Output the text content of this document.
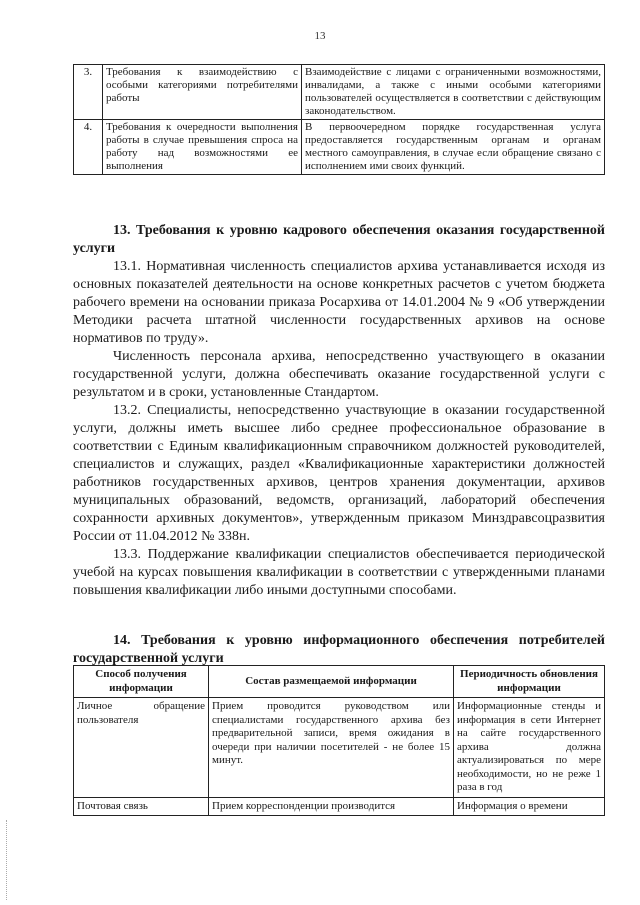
13
3.	Требования к взаимодействию с особыми категориями потребителями работы	Взаимодействие с лицами с ограниченными возможностями, инвалидами, а также с иными особыми категориями пользователей осуществляется в соответствии с действующим законодательством.
4.	Требования к очередности выполнения работы в случае превышения спроса на работу над возможностями ее выполнения	В первоочередном порядке государственная услуга предоставляется государственным органам и органам местного самоуправления, в случае если обращение связано с исполнением ими своих функций.
13. Требования к уровню кадрового обеспечения оказания государственной услуги

13.1. Нормативная численность специалистов архива устанавливается исходя из основных показателей деятельности на основе конкретных расчетов с учетом бюджета рабочего времени на основании приказа Росархива от 14.01.2004 № 9 «Об утверждении Методики расчета штатной численности государственных архивов на основе нормативов по труду».

Численность персонала архива, непосредственно участвующего в оказании государственной услуги, должна обеспечивать оказание государственной услуги с результатом и в сроки, установленные Стандартом.

13.2. Специалисты, непосредственно участвующие в оказании государственной услуги, должны иметь высшее либо среднее профессиональное образование в соответствии с Единым квалификационным справочником должностей руководителей, специалистов и служащих, раздел «Квалификационные характеристики должностей работников государственных архивов, центров хранения документации, архивов муниципальных образований, ведомств, организаций, лабораторий обеспечения сохранности архивных документов», утвержденным приказом Минздравсоцразвития России от 11.04.2012 № 338н.

13.3. Поддержание квалификации специалистов обеспечивается периодической учебой на курсах повышения квалификации в соответствии с утвержденными планами повышения квалификации либо иными доступными способами.

14. Требования к уровню информационного обеспечения потребителей государственной услуги
Способ получения информации	Состав размещаемой информации	Периодичность обновления информации
Личное обращение пользователя	Прием проводится руководством или специалистами государственного архива без предварительной записи, время ожидания в очереди при наличии посетителей - не более 15 минут.	Информационные стенды и информация в сети Интернет на сайте государственного архива должна актуализироваться по мере необходимости, но не реже 1 раза в год
Почтовая связь	Прием корреспонденции производится	Информация о времени
